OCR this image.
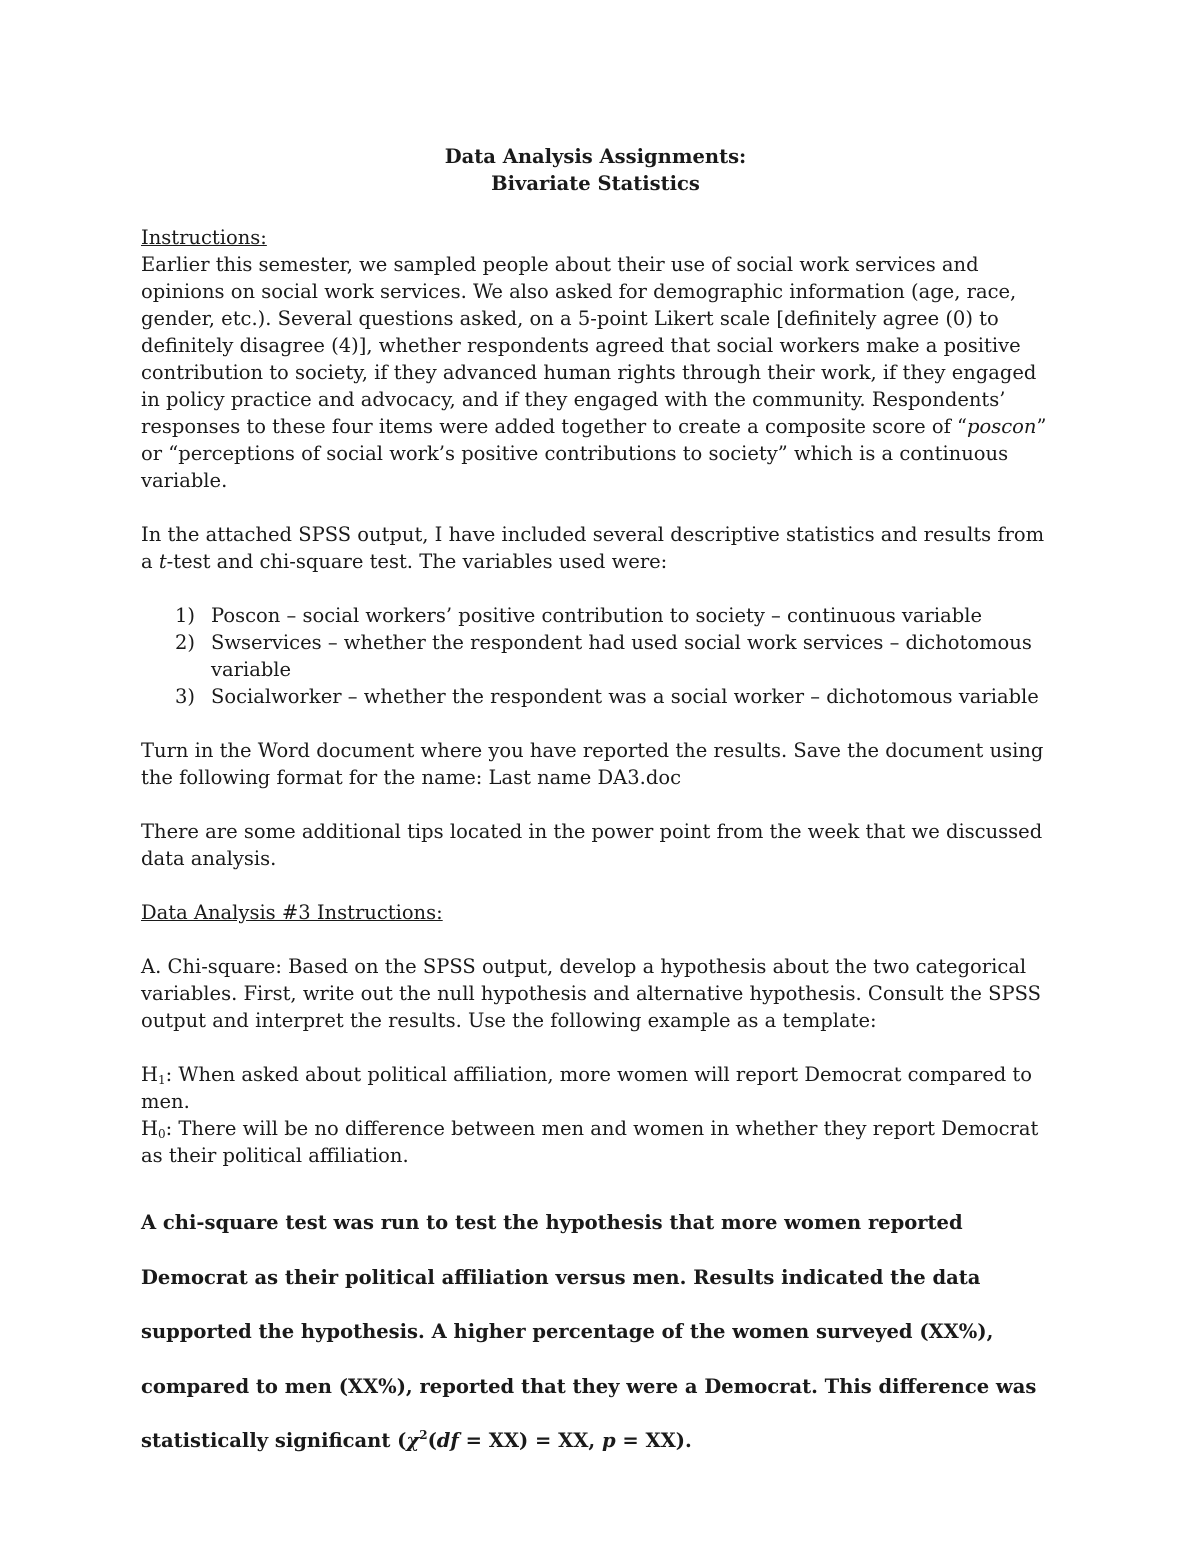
Data Analysis Assignments:

Bivariate Statistics

Instructions:

Earlier this semester, we sampled people about their use of social work services and opinions on social work services. We also asked for demographic information (age, race, gender, etc.). Several questions asked, on a 5-point Likert scale [definitely agree (0) to definitely disagree (4)], whether respondents agreed that social workers make a positive contribution to society, if they advanced human rights through their work, if they engaged in policy practice and advocacy, and if they engaged with the community. Respondents’ responses to these four items were added together to create a composite score of “poscon” or “perceptions of social work’s positive contributions to society” which is a continuous variable.

In the attached SPSS output, I have included several descriptive statistics and results from a t-test and chi-square test. The variables used were:

1) Poscon – social workers’ positive contribution to society – continuous variable
2) Swservices – whether the respondent had used social work services – dichotomous variable
3) Socialworker – whether the respondent was a social worker – dichotomous variable

Turn in the Word document where you have reported the results. Save the document using the following format for the name: Last name DA3.doc

There are some additional tips located in the power point from the week that we discussed data analysis.

Data Analysis #3 Instructions:

A. Chi-square: Based on the SPSS output, develop a hypothesis about the two categorical variables. First, write out the null hypothesis and alternative hypothesis. Consult the SPSS output and interpret the results. Use the following example as a template:

$H_1$: When asked about political affiliation, more women will report Democrat compared to men.

$H_0$: There will be no difference between men and women in whether they report Democrat as their political affiliation.

A chi-square test was run to test the hypothesis that more women reported Democrat as their political affiliation versus men. Results indicated the data supported the hypothesis. A higher percentage of the women surveyed (XX%), compared to men (XX%), reported that they were a Democrat. This difference was statistically significant ($\chi^2(df = XX)$ = XX, p = XX).
